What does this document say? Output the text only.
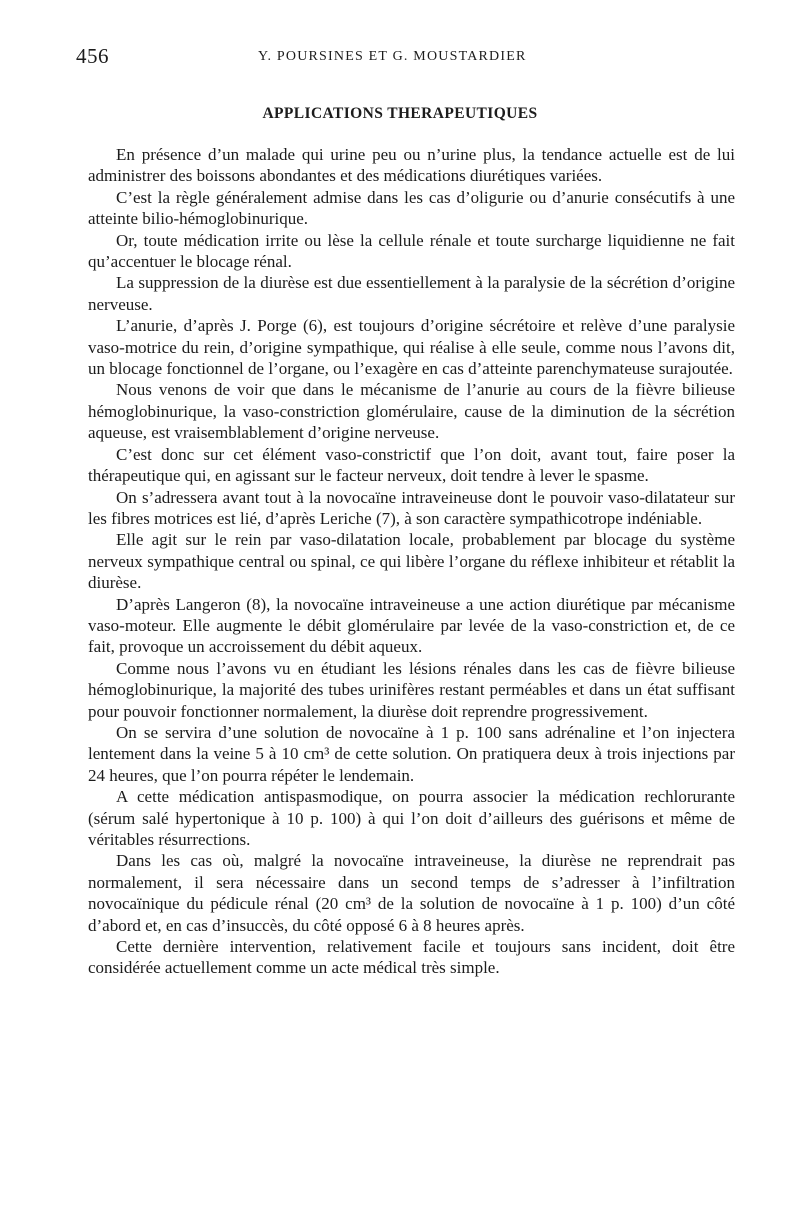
456	Y. POURSINES ET G. MOUSTARDIER
APPLICATIONS THERAPEUTIQUES

En présence d’un malade qui urine peu ou n’urine plus, la tendance actuelle est de lui administrer des boissons abondantes et des médications diurétiques variées.

C’est la règle généralement admise dans les cas d’oligurie ou d’anurie consécutifs à une atteinte bilio-hémoglobinurique.

Or, toute médication irrite ou lèse la cellule rénale et toute surcharge liquidienne ne fait qu’accentuer le blocage rénal.

La suppression de la diurèse est due essentiellement à la paralysie de la sécrétion d’origine nerveuse.

L’anurie, d’après J. Porge (6), est toujours d’origine sécrétoire et relève d’une paralysie vaso-motrice du rein, d’origine sympathique, qui réalise à elle seule, comme nous l’avons dit, un blocage fonctionnel de l’organe, ou l’exagère en cas d’atteinte parenchymateuse surajoutée.

Nous venons de voir que dans le mécanisme de l’anurie au cours de la fièvre bilieuse hémoglobinurique, la vaso-constriction glomérulaire, cause de la diminution de la sécrétion aqueuse, est vraisemblablement d’origine nerveuse.

C’est donc sur cet élément vaso-constrictif que l’on doit, avant tout, faire poser la thérapeutique qui, en agissant sur le facteur nerveux, doit tendre à lever le spasme.

On s’adressera avant tout à la novocaïne intraveineuse dont le pouvoir vaso-dilatateur sur les fibres motrices est lié, d’après Leriche (7), à son caractère sympathicotrope indéniable.

Elle agit sur le rein par vaso-dilatation locale, probablement par blocage du système nerveux sympathique central ou spinal, ce qui libère l’organe du réflexe inhibiteur et rétablit la diurèse.

D’après Langeron (8), la novocaïne intraveineuse a une action diurétique par mécanisme vaso-moteur. Elle augmente le débit glomérulaire par levée de la vaso-constriction et, de ce fait, provoque un accroissement du débit aqueux.

Comme nous l’avons vu en étudiant les lésions rénales dans les cas de fièvre bilieuse hémoglobinurique, la majorité des tubes urinifères restant perméables et dans un état suffisant pour pouvoir fonctionner normalement, la diurèse doit reprendre progressivement.

On se servira d’une solution de novocaïne à 1 p. 100 sans adrénaline et l’on injectera lentement dans la veine 5 à 10 cm³ de cette solution. On pratiquera deux à trois injections par 24 heures, que l’on pourra répéter le lendemain.

A cette médication antispasmodique, on pourra associer la médication rechlorurante (sérum salé hypertonique à 10 p. 100) à qui l’on doit d’ailleurs des guérisons et même de véritables résurrections.

Dans les cas où, malgré la novocaïne intraveineuse, la diurèse ne reprendrait pas normalement, il sera nécessaire dans un second temps de s’adresser à l’infiltration novocaïnique du pédicule rénal (20 cm³ de la solution de novocaïne à 1 p. 100) d’un côté d’abord et, en cas d’insuccès, du côté opposé 6 à 8 heures après.

Cette dernière intervention, relativement facile et toujours sans incident, doit être considérée actuellement comme un acte médical très simple.
